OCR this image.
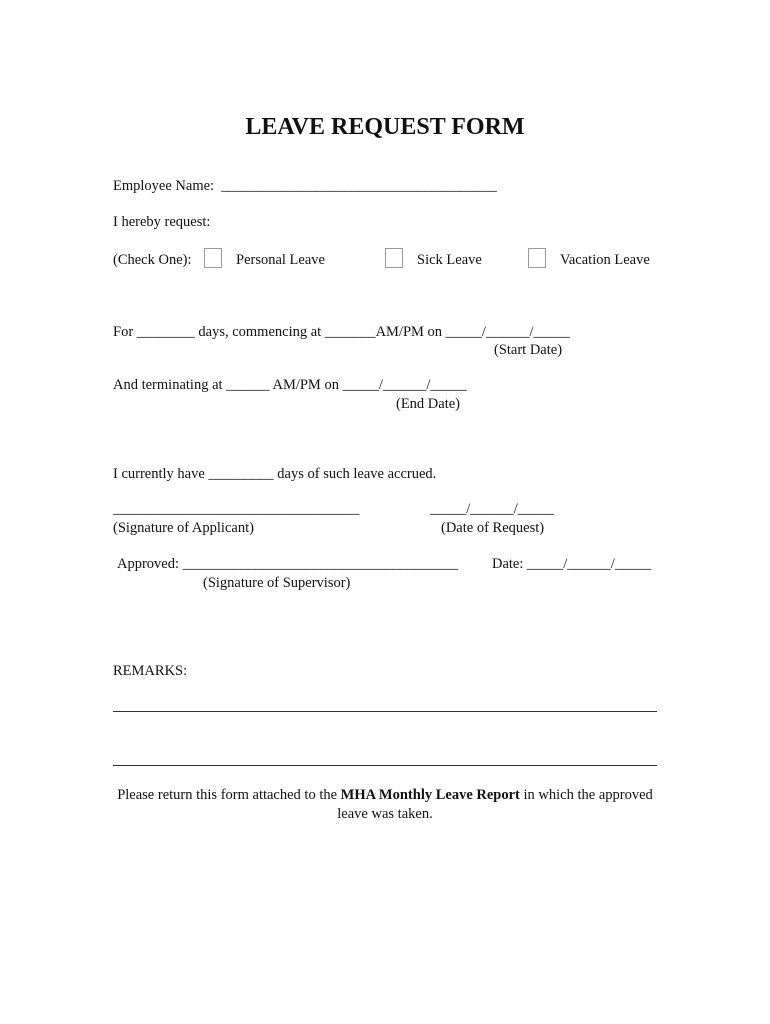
LEAVE REQUEST FORM
Employee Name:  ______________________________________
I hereby request:
(Check One):	Personal Leave	Sick Leave	Vacation Leave
For ________ days, commencing at _______AM/PM on _____/______/_____
(Start Date)
And terminating at ______ AM/PM on _____/______/_____
(End Date)
I currently have _________ days of such leave accrued.
__________________________________	_____/______/_____
(Signature of Applicant)	(Date of Request)
Approved: ______________________________________ Date: _____/______/_____
(Signature of Supervisor)
REMARKS:
Please return this form attached to the MHA Monthly Leave Report in which the approved leave was taken.
